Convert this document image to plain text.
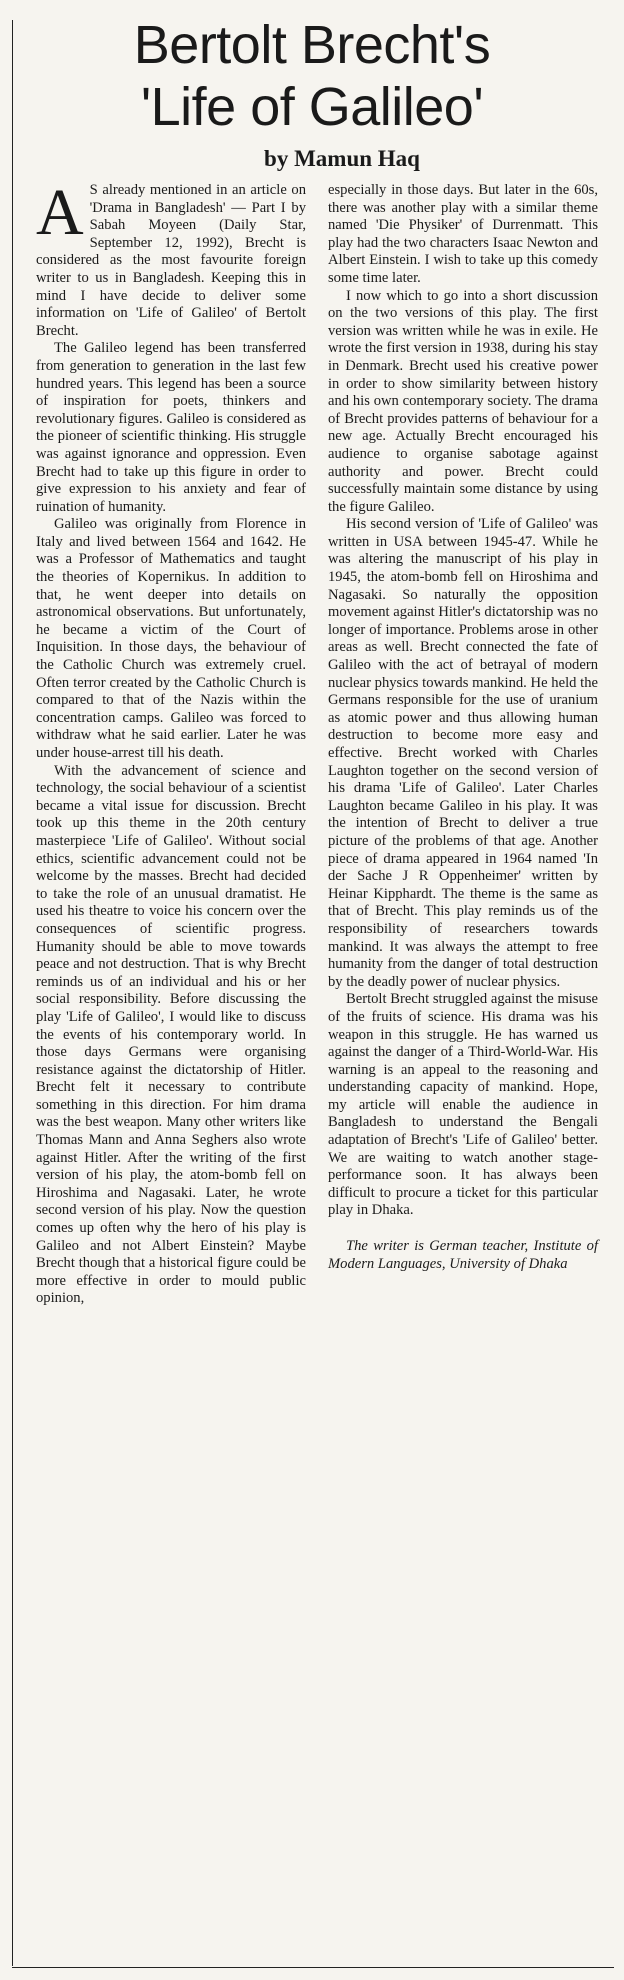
Bertolt Brecht's
'Life of Galileo'
by Mamun Haq

A S already mentioned in an article on 'Drama in Bangladesh' — Part I by Sabah Moyeen (Daily Star, September 12, 1992), Brecht is considered as the most favourite foreign writer to us in Bangladesh. Keeping this in mind I have decide to deliver some information on 'Life of Galileo' of Bertolt Brecht.

The Galileo legend has been transferred from generation to generation in the last few hundred years. This legend has been a source of inspiration for poets, thinkers and revolutionary figures. Galileo is considered as the pioneer of scientific thinking. His struggle was against ignorance and oppression. Even Brecht had to take up this figure in order to give expression to his anxiety and fear of ruination of humanity.

Galileo was originally from Florence in Italy and lived between 1564 and 1642. He was a Professor of Mathematics and taught the theories of Kopernikus. In addition to that, he went deeper into details on astronomical observations. But unfortunately, he became a victim of the Court of Inquisition. In those days, the behaviour of the Catholic Church was extremely cruel. Often terror created by the Catholic Church is compared to that of the Nazis within the concentration camps. Galileo was forced to withdraw what he said earlier. Later he was under house-arrest till his death.

With the advancement of science and technology, the social behaviour of a scientist became a vital issue for discussion. Brecht took up this theme in the 20th century masterpiece 'Life of Galileo'. Without social ethics, scientific advancement could not be welcome by the masses. Brecht had decided to take the role of an unusual dramatist. He used his theatre to voice his concern over the consequences of scientific progress. Humanity should be able to move towards peace and not destruction. That is why Brecht reminds us of an individual and his or her social responsibility. Before discussing the play 'Life of Galileo', I would like to discuss the events of his contemporary world. In those days Germans were organising resistance against the dictatorship of Hitler. Brecht felt it necessary to contribute something in this direction. For him drama was the best weapon. Many other writers like Thomas Mann and Anna Seghers also wrote against Hitler. After the writing of the first version of his play, the atom-bomb fell on Hiroshima and Nagasaki. Later, he wrote second version of his play. Now the question comes up often why the hero of his play is Galileo and not Albert Einstein? Maybe Brecht though that a historical figure could be more effective in order to mould public opinion,

especially in those days. But later in the 60s, there was another play with a similar theme named 'Die Physiker' of Durrenmatt. This play had the two characters Isaac Newton and Albert Einstein. I wish to take up this comedy some time later.

I now which to go into a short discussion on the two versions of this play. The first version was written while he was in exile. He wrote the first version in 1938, during his stay in Denmark. Brecht used his creative power in order to show similarity between history and his own contemporary society. The drama of Brecht provides patterns of behaviour for a new age. Actually Brecht encouraged his audience to organise sabotage against authority and power. Brecht could successfully maintain some distance by using the figure Galileo.

His second version of 'Life of Galileo' was written in USA between 1945-47. While he was altering the manuscript of his play in 1945, the atom-bomb fell on Hiroshima and Nagasaki. So naturally the opposition movement against Hitler's dictatorship was no longer of importance. Problems arose in other areas as well. Brecht connected the fate of Galileo with the act of betrayal of modern nuclear physics towards mankind. He held the Germans responsible for the use of uranium as atomic power and thus allowing human destruction to become more easy and effective. Brecht worked with Charles Laughton together on the second version of his drama 'Life of Galileo'. Later Charles Laughton became Galileo in his play. It was the intention of Brecht to deliver a true picture of the problems of that age. Another piece of drama appeared in 1964 named 'In der Sache J R Oppenheimer' written by Heinar Kipphardt. The theme is the same as that of Brecht. This play reminds us of the responsibility of researchers towards mankind. It was always the attempt to free humanity from the danger of total destruction by the deadly power of nuclear physics.

Bertolt Brecht struggled against the misuse of the fruits of science. His drama was his weapon in this struggle. He has warned us against the danger of a Third-World-War. His warning is an appeal to the reasoning and understanding capacity of mankind. Hope, my article will enable the audience in Bangladesh to understand the Bengali adaptation of Brecht's 'Life of Galileo' better. We are waiting to watch another stage-performance soon. It has always been difficult to procure a ticket for this particular play in Dhaka.

The writer is German teacher, Institute of Modern Languages, University of Dhaka
